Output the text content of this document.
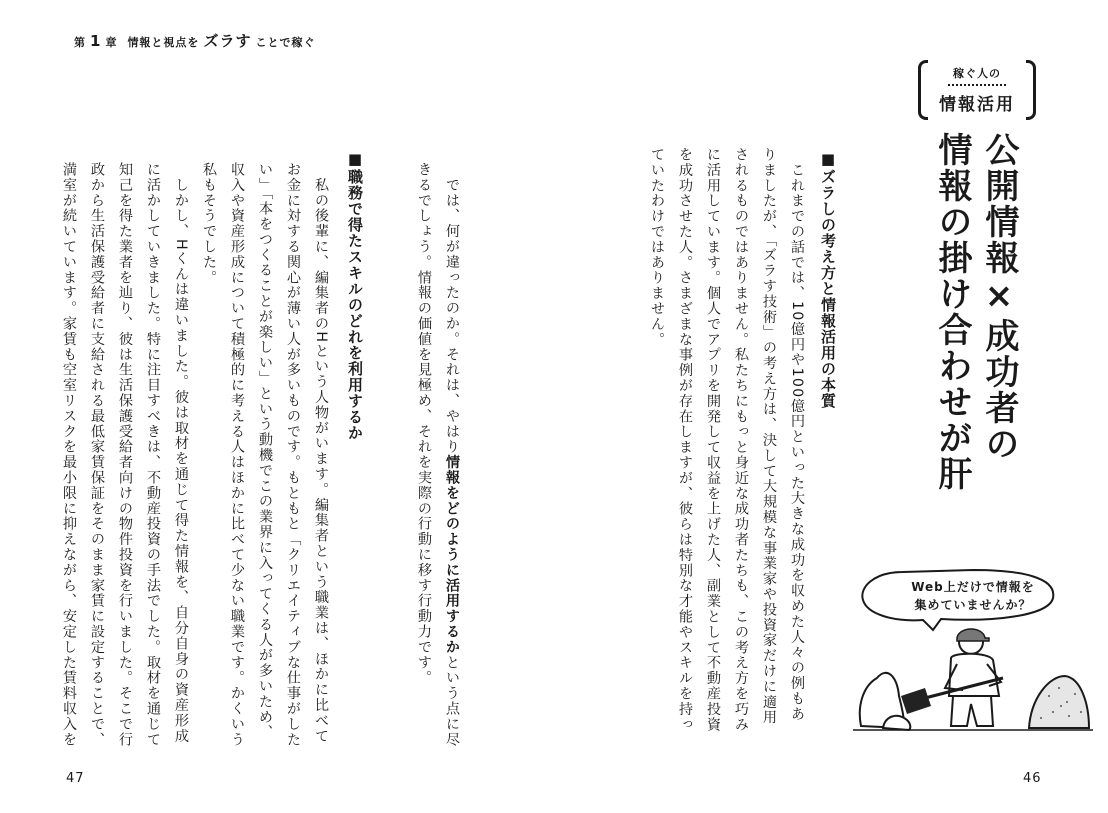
第 1 章 情報と視点を ズラす ことで稼ぐ
稼ぐ人の
情報活用
公開情報×成功者の
情報の掛け合わせが肝
■ズラしの考え方と情報活用の本質
　これまでの話では、10億円や100億円といった大きな成功を収めた人々の例もあ
りましたが、「ズラす技術」の考え方は、決して大規模な事業家や投資家だけに適用
されるものではありません。私たちにもっと身近な成功者たちも、この考え方を巧み
に活用しています。個人でアプリを開発して収益を上げた人、副業として不動産投資
を成功させた人。さまざまな事例が存在しますが、彼らは特別な才能やスキルを持っ
ていたわけではありません。
　では、何が違ったのか。それは、やはり情報をどのように活用するかという点に尽
きるでしょう。情報の価値を見極め、それを実際の行動に移す行動力です。
■職務で得たスキルのどれを利用するか
　私の後輩に、編集者のHという人物がいます。編集者という職業は、ほかに比べて
お金に対する関心が薄い人が多いものです。もともと「クリエイティブな仕事がした
い」「本をつくることが楽しい」という動機でこの業界に入ってくる人が多いため、
収入や資産形成について積極的に考える人はほかに比べて少ない職業です。かくいう
私もそうでした。
　しかし、Hくんは違いました。彼は取材を通じて得た情報を、自分自身の資産形成
に活かしていきました。特に注目すべきは、不動産投資の手法でした。取材を通じて
知己を得た業者を辿り、彼は生活保護受給者向けの物件投資を行いました。そこで行
政から生活保護受給者に支給される最低家賃保証をそのまま家賃に設定することで、
満室が続いています。家賃も空室リスクを最小限に抑えながら、安定した賃料収入を	Web上だけで情報を
集めていませんか？
47	46
